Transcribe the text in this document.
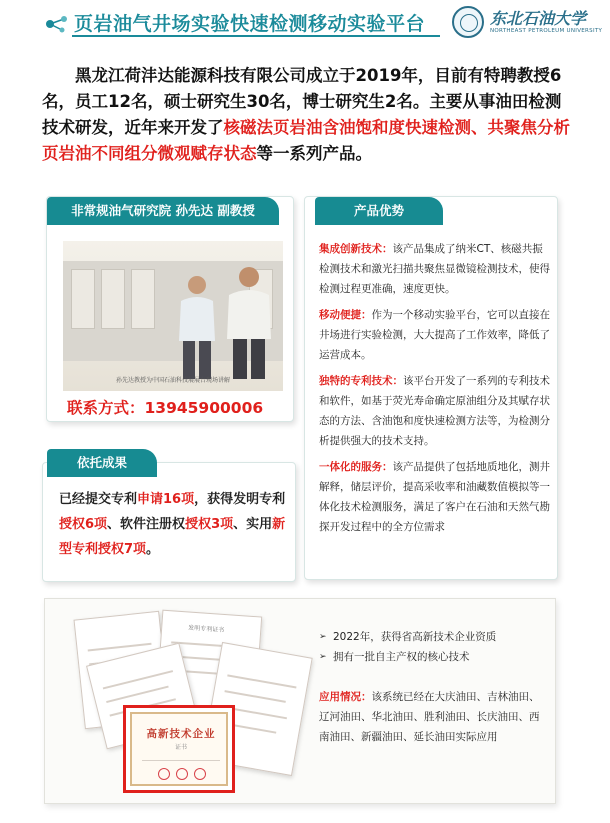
页岩油气井场实验快速检测移动实验平台	东北石油大学
NORTHEAST PETROLEUM UNIVERSITY
黑龙江荷沣达能源科技有限公司成立于2019年，目前有特聘教授6名，员工12名，硕士研究生30名，博士研究生2名。主要从事油田检测技术研发，近年来开发了核磁法页岩油含油饱和度快速检测、共聚焦分析页岩油不同组分微观赋存状态等一系列产品。
非常规油气研究院 孙先达 副教授
孙先达教授为中国石油科技展展台现场讲解
联系方式：13945900006
依托成果
已经提交专利申请16项，获得发明专利授权6项、软件注册权授权3项、实用新型专利授权7项。
产品优势
集成创新技术：该产品集成了纳米CT、核磁共振检测技术和激光扫描共聚焦显微镜检测技术，使得检测过程更准确，速度更快。
移动便捷：作为一个移动实验平台，它可以直接在井场进行实验检测，大大提高了工作效率，降低了运营成本。
独特的专利技术：该平台开发了一系列的专利技术和软件，如基于荧光寿命确定原油组分及其赋存状态的方法、含油饱和度快速检测方法等，为检测分析提供强大的技术支持。
一体化的服务：该产品提供了包括地质地化，测井解释，储层评价，提高采收率和油藏数值模拟等一体化技术检测服务，满足了客户在石油和天然气勘探开发过程中的全方位需求
发明专利证书
高新技术企业
证书
➢ 2022年，获得省高新技术企业资质
➢ 拥有一批自主产权的核心技术
应用情况：该系统已经在大庆油田、吉林油田、辽河油田、华北油田、胜利油田、长庆油田、西南油田、新疆油田、延长油田实际应用
